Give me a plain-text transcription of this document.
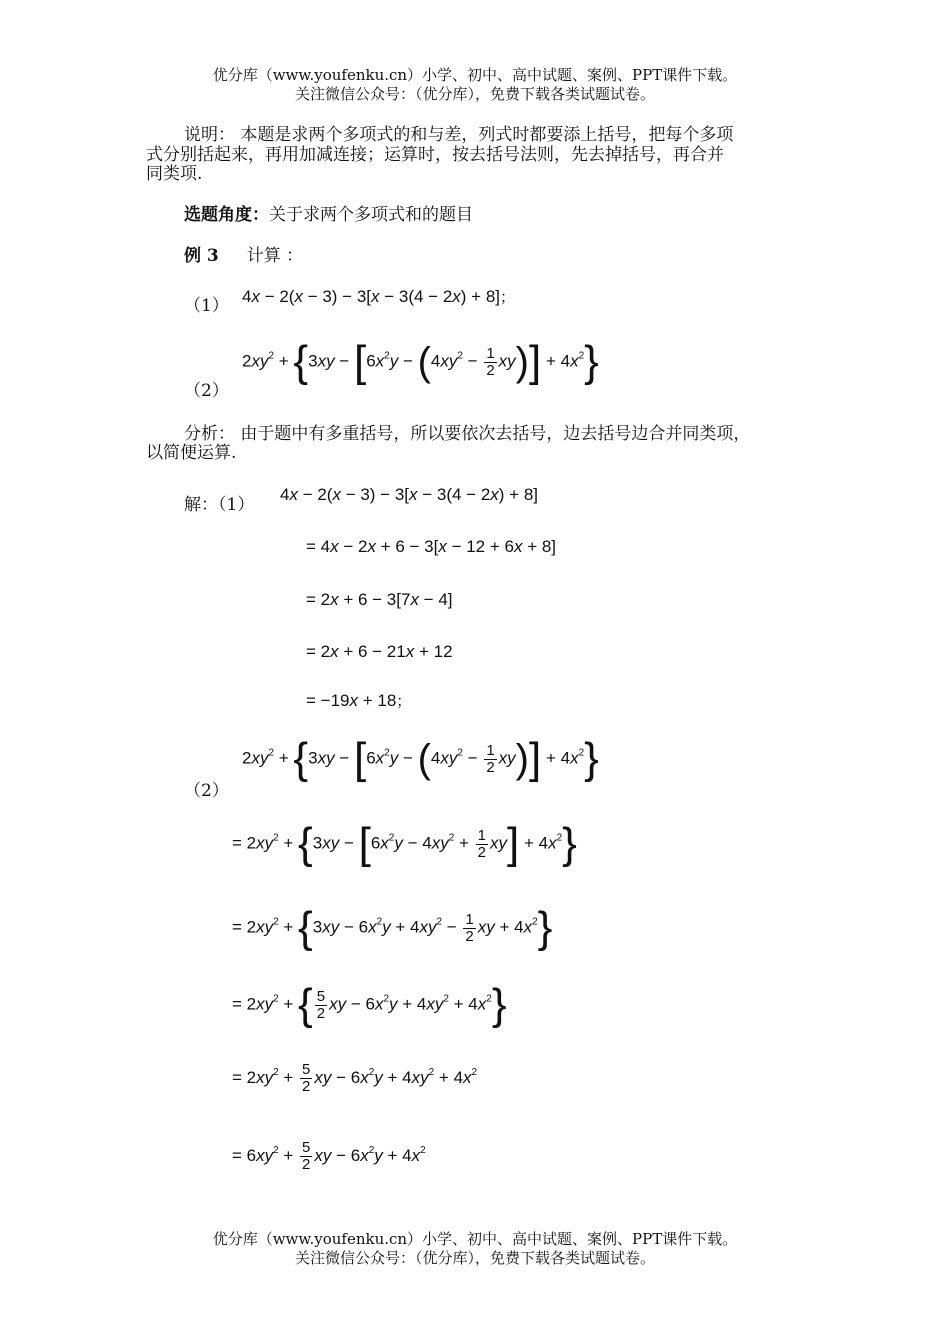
优分库（www.youfenku.cn）小学、初中、高中试题、案例、PPT课件下载。
关注微信公众号：（优分库），免费下载各类试题试卷。
说明： 本题是求两个多项式的和与差，列式时都要添上括号，把每个多项
式分别括起来，再用加减连接；运算时，按去括号法则，先去掉括号，再合并
同类项.
选题角度：关于求两个多项式和的题目
例 3 计算 ：
（1） 4x − 2(x − 3) − 3[x − 3(4 − 2x) + 8]；
（2）
$2xy^2 + \{3xy - [6x^2y - (4xy^2 - \frac{1}{2} xy)] + 4x^2\}$
分析： 由于题中有多重括号，所以要依次去括号，边去括号边合并同类项，
以简便运算.
解：（1）
4x − 2(x − 3) − 3[x − 3(4 − 2x) + 8]
= 4x − 2x + 6 − 3[x − 12 + 6x + 8]
= 2x + 6 − 3[7x − 4]
= 2x + 6 − 21x + 12
= −19x + 18；
（2）
$2xy^2 + \{3xy - [6x^2y - (4xy^2 - \frac{1}{2} xy)] + 4x^2\}$
= $2xy^2 + \{3xy - [6x^2y - 4xy^2 + \frac{1}{2} xy] + 4x^2\}$
= $2xy^2 + \{3xy - 6x^2y + 4xy^2 - \frac{1}{2}$ xy + $4x^2$}
= $2xy^2$ + { $\frac{5}{2}$ xy − $6x^2y + 4xy^2 + 4x^2$}
= $2xy^2 + \frac{5}{2}$ xy − $6x^2y + 4xy^2 + 4x^2$
= $6xy^2 + \frac{5}{2}$ xy − $6x^2y + 4x^2$
优分库（www.youfenku.cn）小学、初中、高中试题、案例、PPT课件下载。
关注微信公众号：（优分库），免费下载各类试题试卷。
